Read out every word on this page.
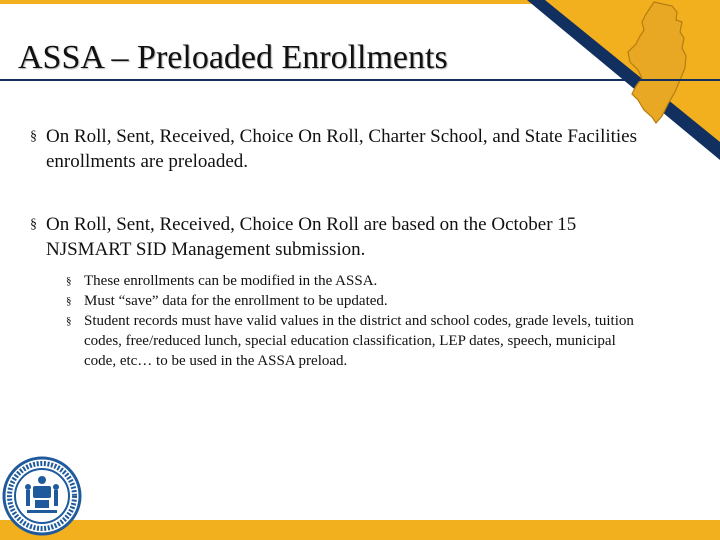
ASSA – Preloaded Enrollments
§ On Roll, Sent, Received, Choice On Roll, Charter School, and State Facilities enrollments are preloaded.
§ On Roll, Sent, Received, Choice On Roll are based on the October 15 NJSMART SID Management submission.
§ These enrollments can be modified in the ASSA.
§ Must “save” data for the enrollment to be updated.
§ Student records must have valid values in the district and school codes, grade levels, tuition codes, free/reduced lunch, special education classification, LEP dates, speech, municipal code, etc… to be used in the ASSA preload.
